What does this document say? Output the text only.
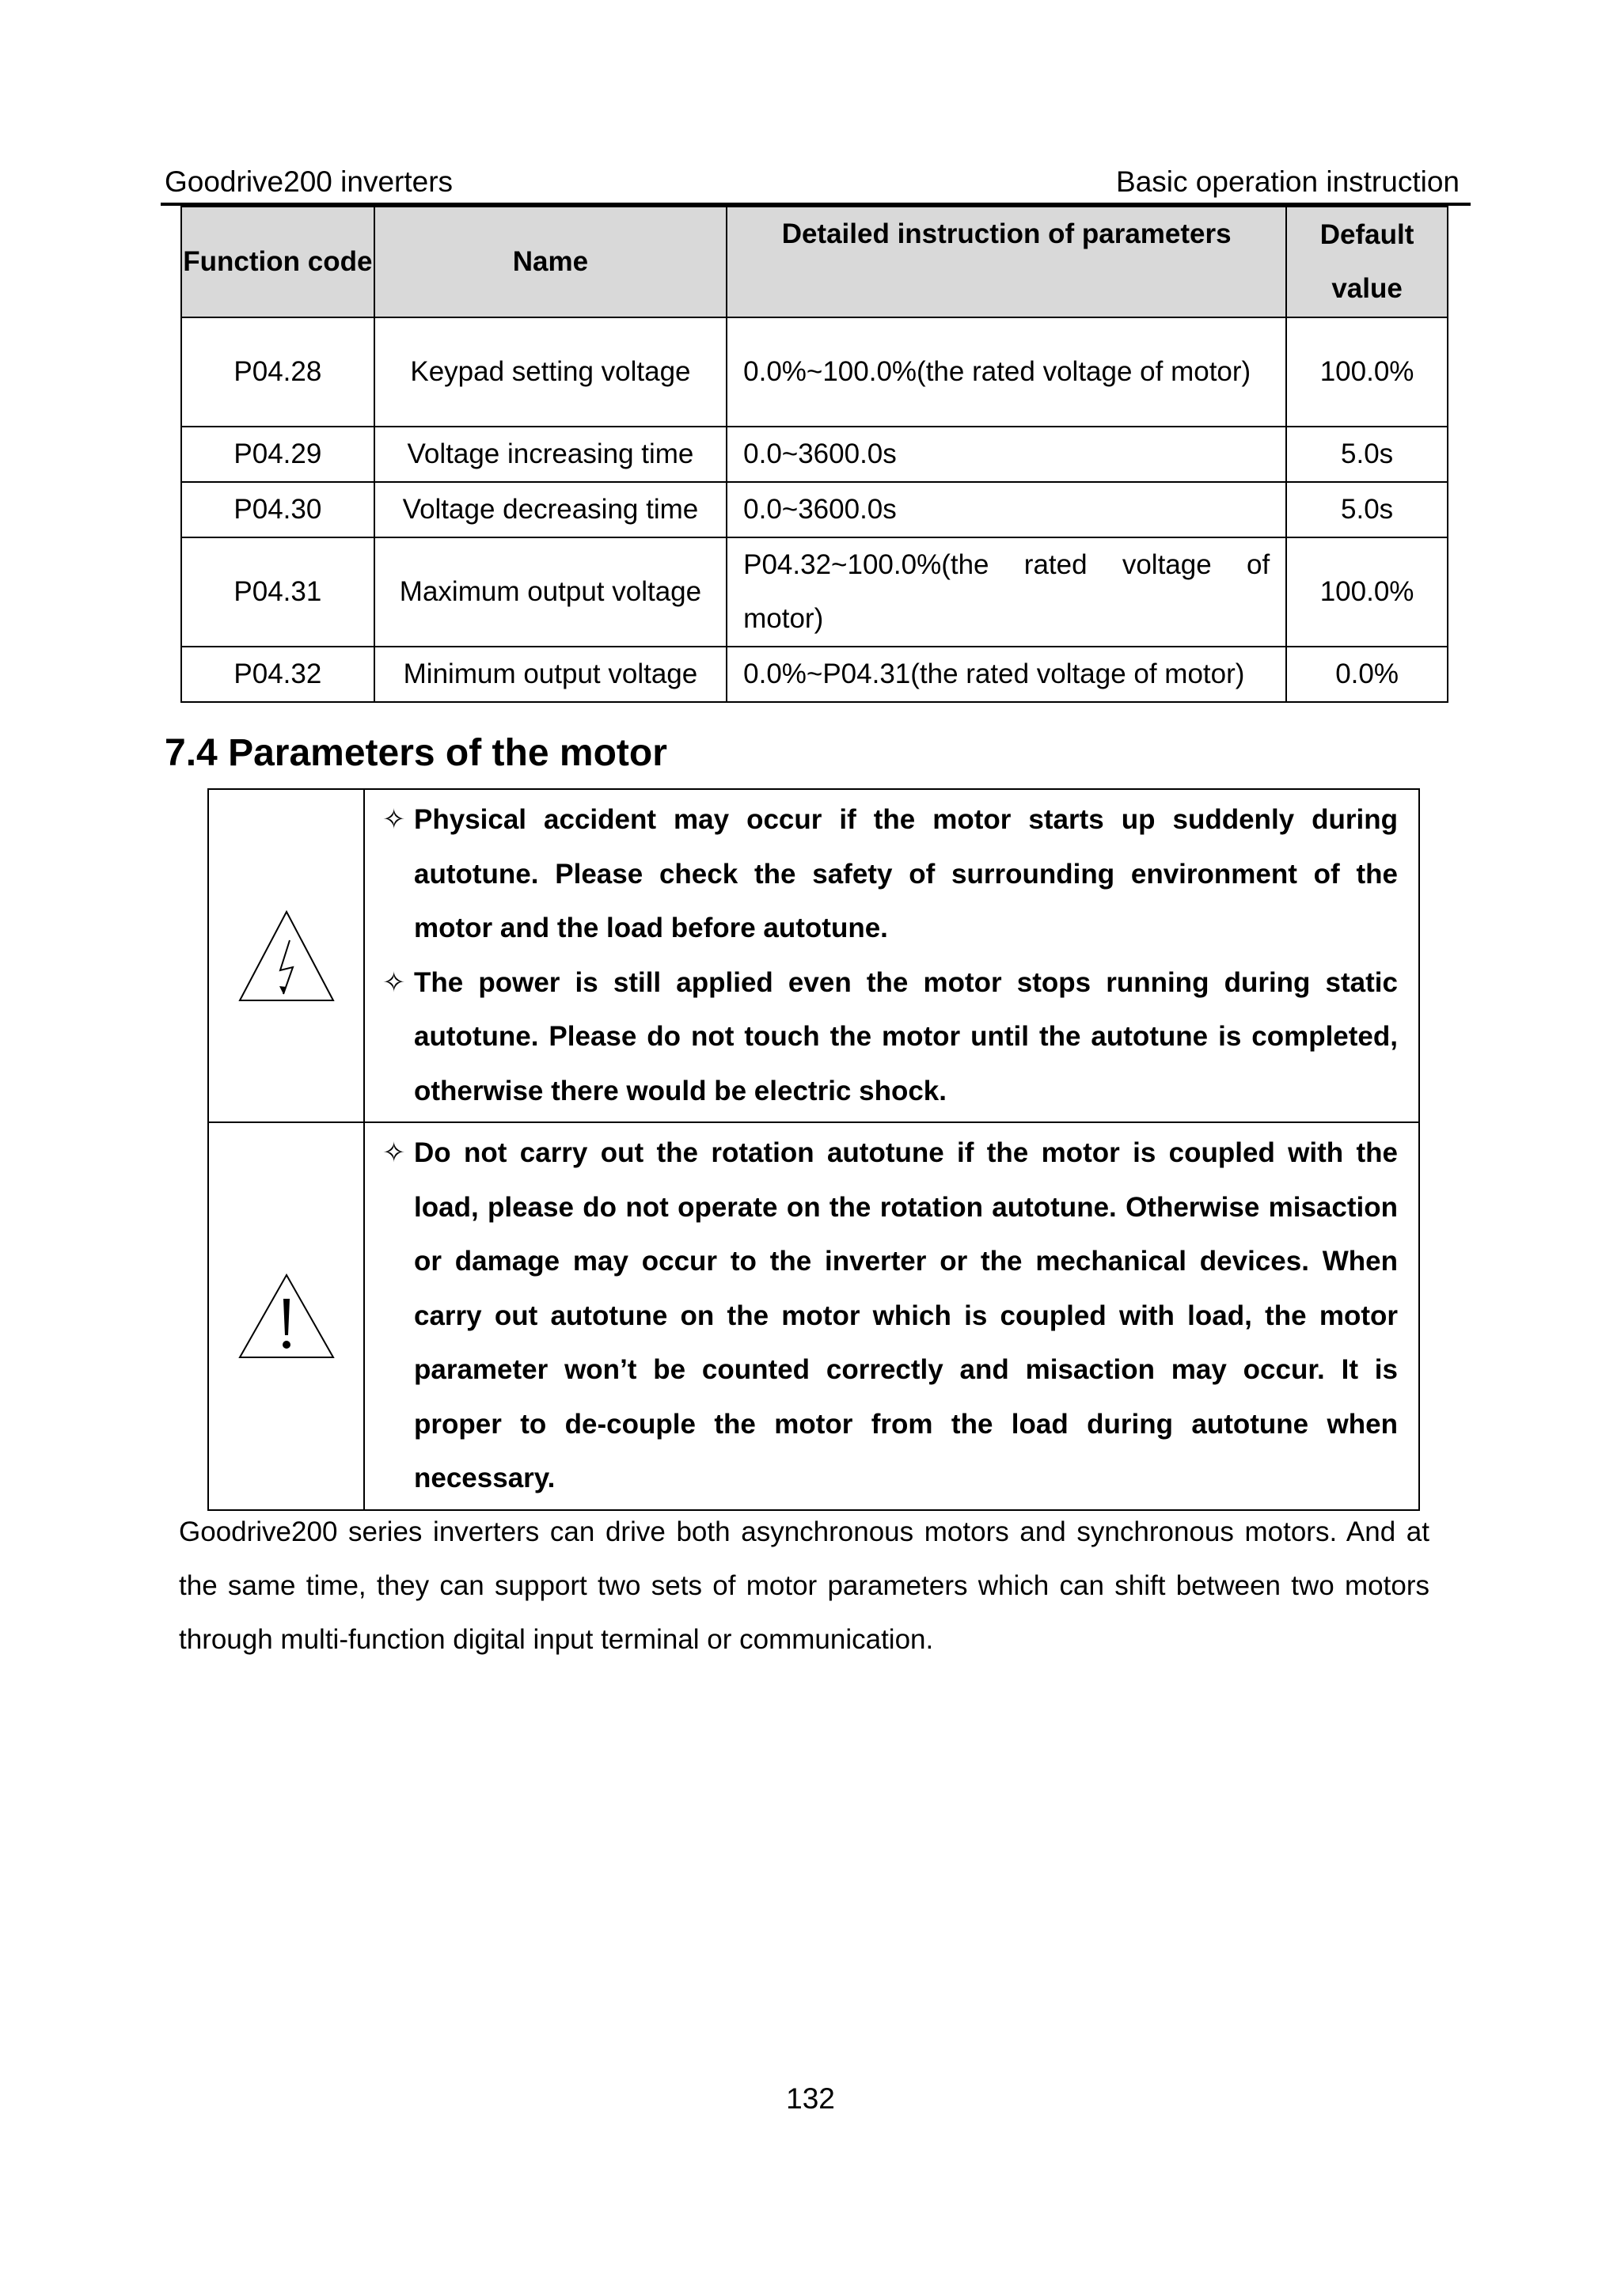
Goodrive200 inverters	Basic operation instruction
Function code	Name	Detailed instruction of parameters	Default value
P04.28	Keypad setting voltage	0.0%~100.0%(the rated voltage of motor)	100.0%
P04.29	Voltage increasing time	0.0~3600.0s	5.0s
P04.30	Voltage decreasing time	0.0~3600.0s	5.0s
P04.31	Maximum output voltage	P04.32~100.0%(the rated voltage of motor)	100.0%
P04.32	Minimum output voltage	0.0%~P04.31(the rated voltage of motor)	0.0%
7.4 Parameters of the motor

✧ Physical accident may occur if the motor starts up suddenly during autotune. Please check the safety of surrounding environment of the motor and the load before autotune.
✧ The power is still applied even the motor stops running during static autotune. Please do not touch the motor until the autotune is completed, otherwise there would be electric shock.

✧ Do not carry out the rotation autotune if the motor is coupled with the load, please do not operate on the rotation autotune. Otherwise misaction or damage may occur to the inverter or the mechanical devices. When carry out autotune on the motor which is coupled with load, the motor parameter won’t be counted correctly and misaction may occur. It is proper to de-couple the motor from the load during autotune when necessary.
Goodrive200 series inverters can drive both asynchronous motors and synchronous motors. And at the same time, they can support two sets of motor parameters which can shift between two motors through multi-function digital input terminal or communication.
132
